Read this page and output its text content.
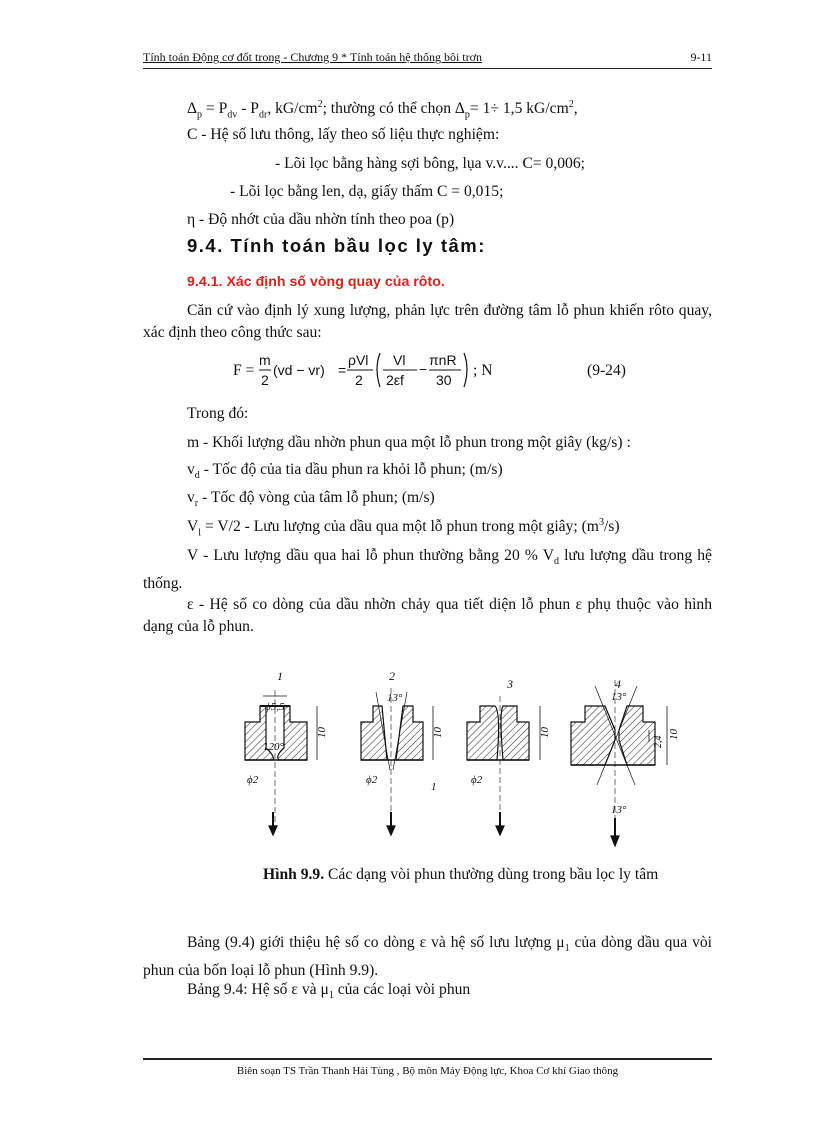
Tính toán Động cơ đốt trong - Chương 9 * Tính toán hệ thống bôi trơn	9-11
$\Delta_p = P_{dv} - P_{dr}$, $kG/cm^2$; thường có thể chọn $\Delta_p= 1\div 1,5$ $kG/cm^2$,
C - Hệ số lưu thông, lấy theo số liệu thực nghiệm:
- Lõi lọc bằng hàng sợi bông, lụa v.v.... C= 0,006;
- Lõi lọc bằng len, dạ, giấy thấm C = 0,015;
η - Độ nhớt của dầu nhờn tính theo poa (p)
9.4. Tính toán bầu lọc ly tâm:
9.4.1. Xác định số vòng quay của rôto.
Căn cứ vào định lý xung lượng, phản lực trên đường tâm lỗ phun khiến rôto quay, xác định theo công thức sau:
F =
m
2
(vd − vr) =
ρVl
2
Vl
2εf
−
πnR
30
; N	(9-24)
Trong đó:
m - Khối lượng dầu nhờn phun qua một lỗ phun trong một giây (kg/s) :
$v_d$ - Tốc độ của tia dầu phun ra khỏi lỗ phun; (m/s)
$v_r$ - Tốc độ vòng của tâm lỗ phun; (m/s)
$V_l = V/2$ - Lưu lượng của dầu qua một lỗ phun trong một giây; $(m^3/s)$
V - Lưu lượng dầu qua hai lỗ phun thường bằng 20 % $V_d$ lưu lượng dầu trong hệ thống.
ε - Hệ số co dòng của dầu nhờn chảy qua tiết diện lỗ phun ε phụ thuộc vào hình dạng của lỗ phun.
1	2
3	4
ϕ5,5
120°
ϕ2
10
13°
ϕ2
10
1
ϕ2
10
13°
13°
2,4
10
Hình 9.9. Các dạng vòi phun thường dùng trong bầu lọc ly tâm
Bảng (9.4) giới thiệu hệ số co dòng ε và hệ số lưu lượng $\mu_1$ của dòng dầu qua vòi phun của bốn loại lỗ phun (Hình 9.9).
Bảng 9.4: Hệ số ε và $\mu_1$ của các loại vòi phun
Biên soạn TS Trần Thanh Hải Tùng , Bộ môn Máy Động lực, Khoa Cơ khí Giao thông
